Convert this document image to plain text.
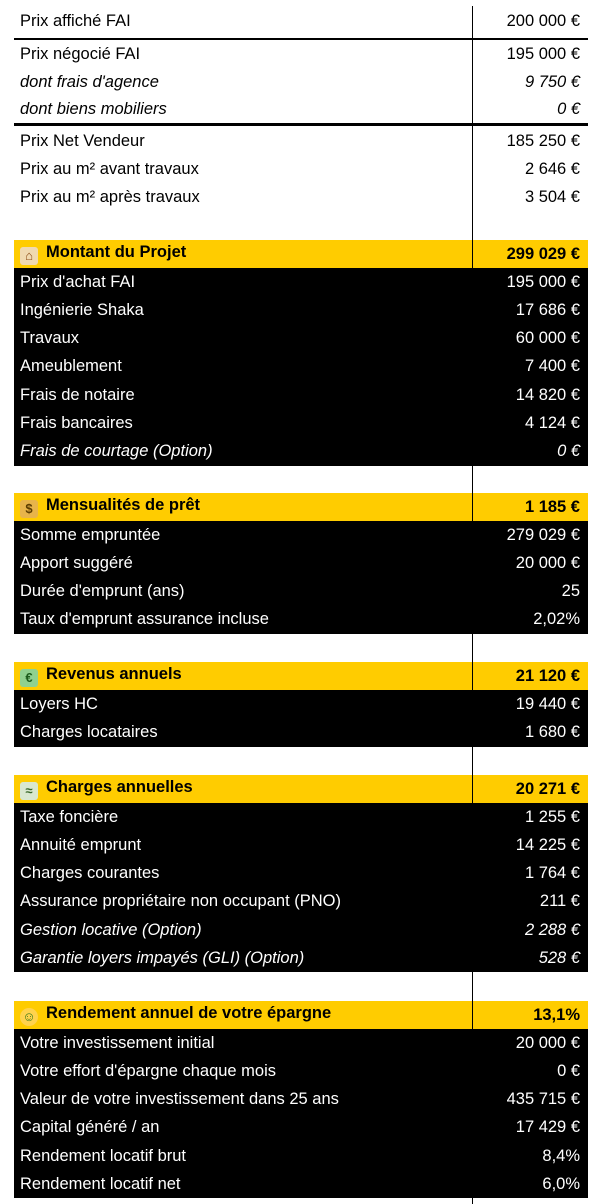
Prix affiché FAI	200 000 €
Prix négocié FAI	195 000 €
dont frais d'agence	9 750 €
dont biens mobiliers	0 €
Prix Net Vendeur	185 250 €
Prix au m² avant travaux	2 646 €
Prix au m² après travaux	3 504 €
⌂ Montant du Projet	299 029 €
Prix d'achat FAI	195 000 €
Ingénierie Shaka	17 686 €
Travaux	60 000 €
Ameublement	7 400 €
Frais de notaire	14 820 €
Frais bancaires	4 124 €
Frais de courtage (Option)	0 €
$ Mensualités de prêt	1 185 €
Somme empruntée	279 029 €
Apport suggéré	20 000 €
Durée d'emprunt (ans)	25
Taux d'emprunt assurance incluse	2,02%
€ Revenus annuels	21 120 €
Loyers HC	19 440 €
Charges locataires	1 680 €
≈ Charges annuelles	20 271 €
Taxe foncière	1 255 €
Annuité emprunt	14 225 €
Charges courantes	1 764 €
Assurance propriétaire non occupant (PNO)	211 €
Gestion locative (Option)	2 288 €
Garantie loyers impayés (GLI) (Option)	528 €
☺ Rendement annuel de votre épargne	13,1%
Votre investissement initial	20 000 €
Votre effort d'épargne chaque mois	0 €
Valeur de votre investissement dans 25 ans	435 715 €
Capital généré / an	17 429 €
Rendement locatif brut	8,4%
Rendement locatif net	6,0%
